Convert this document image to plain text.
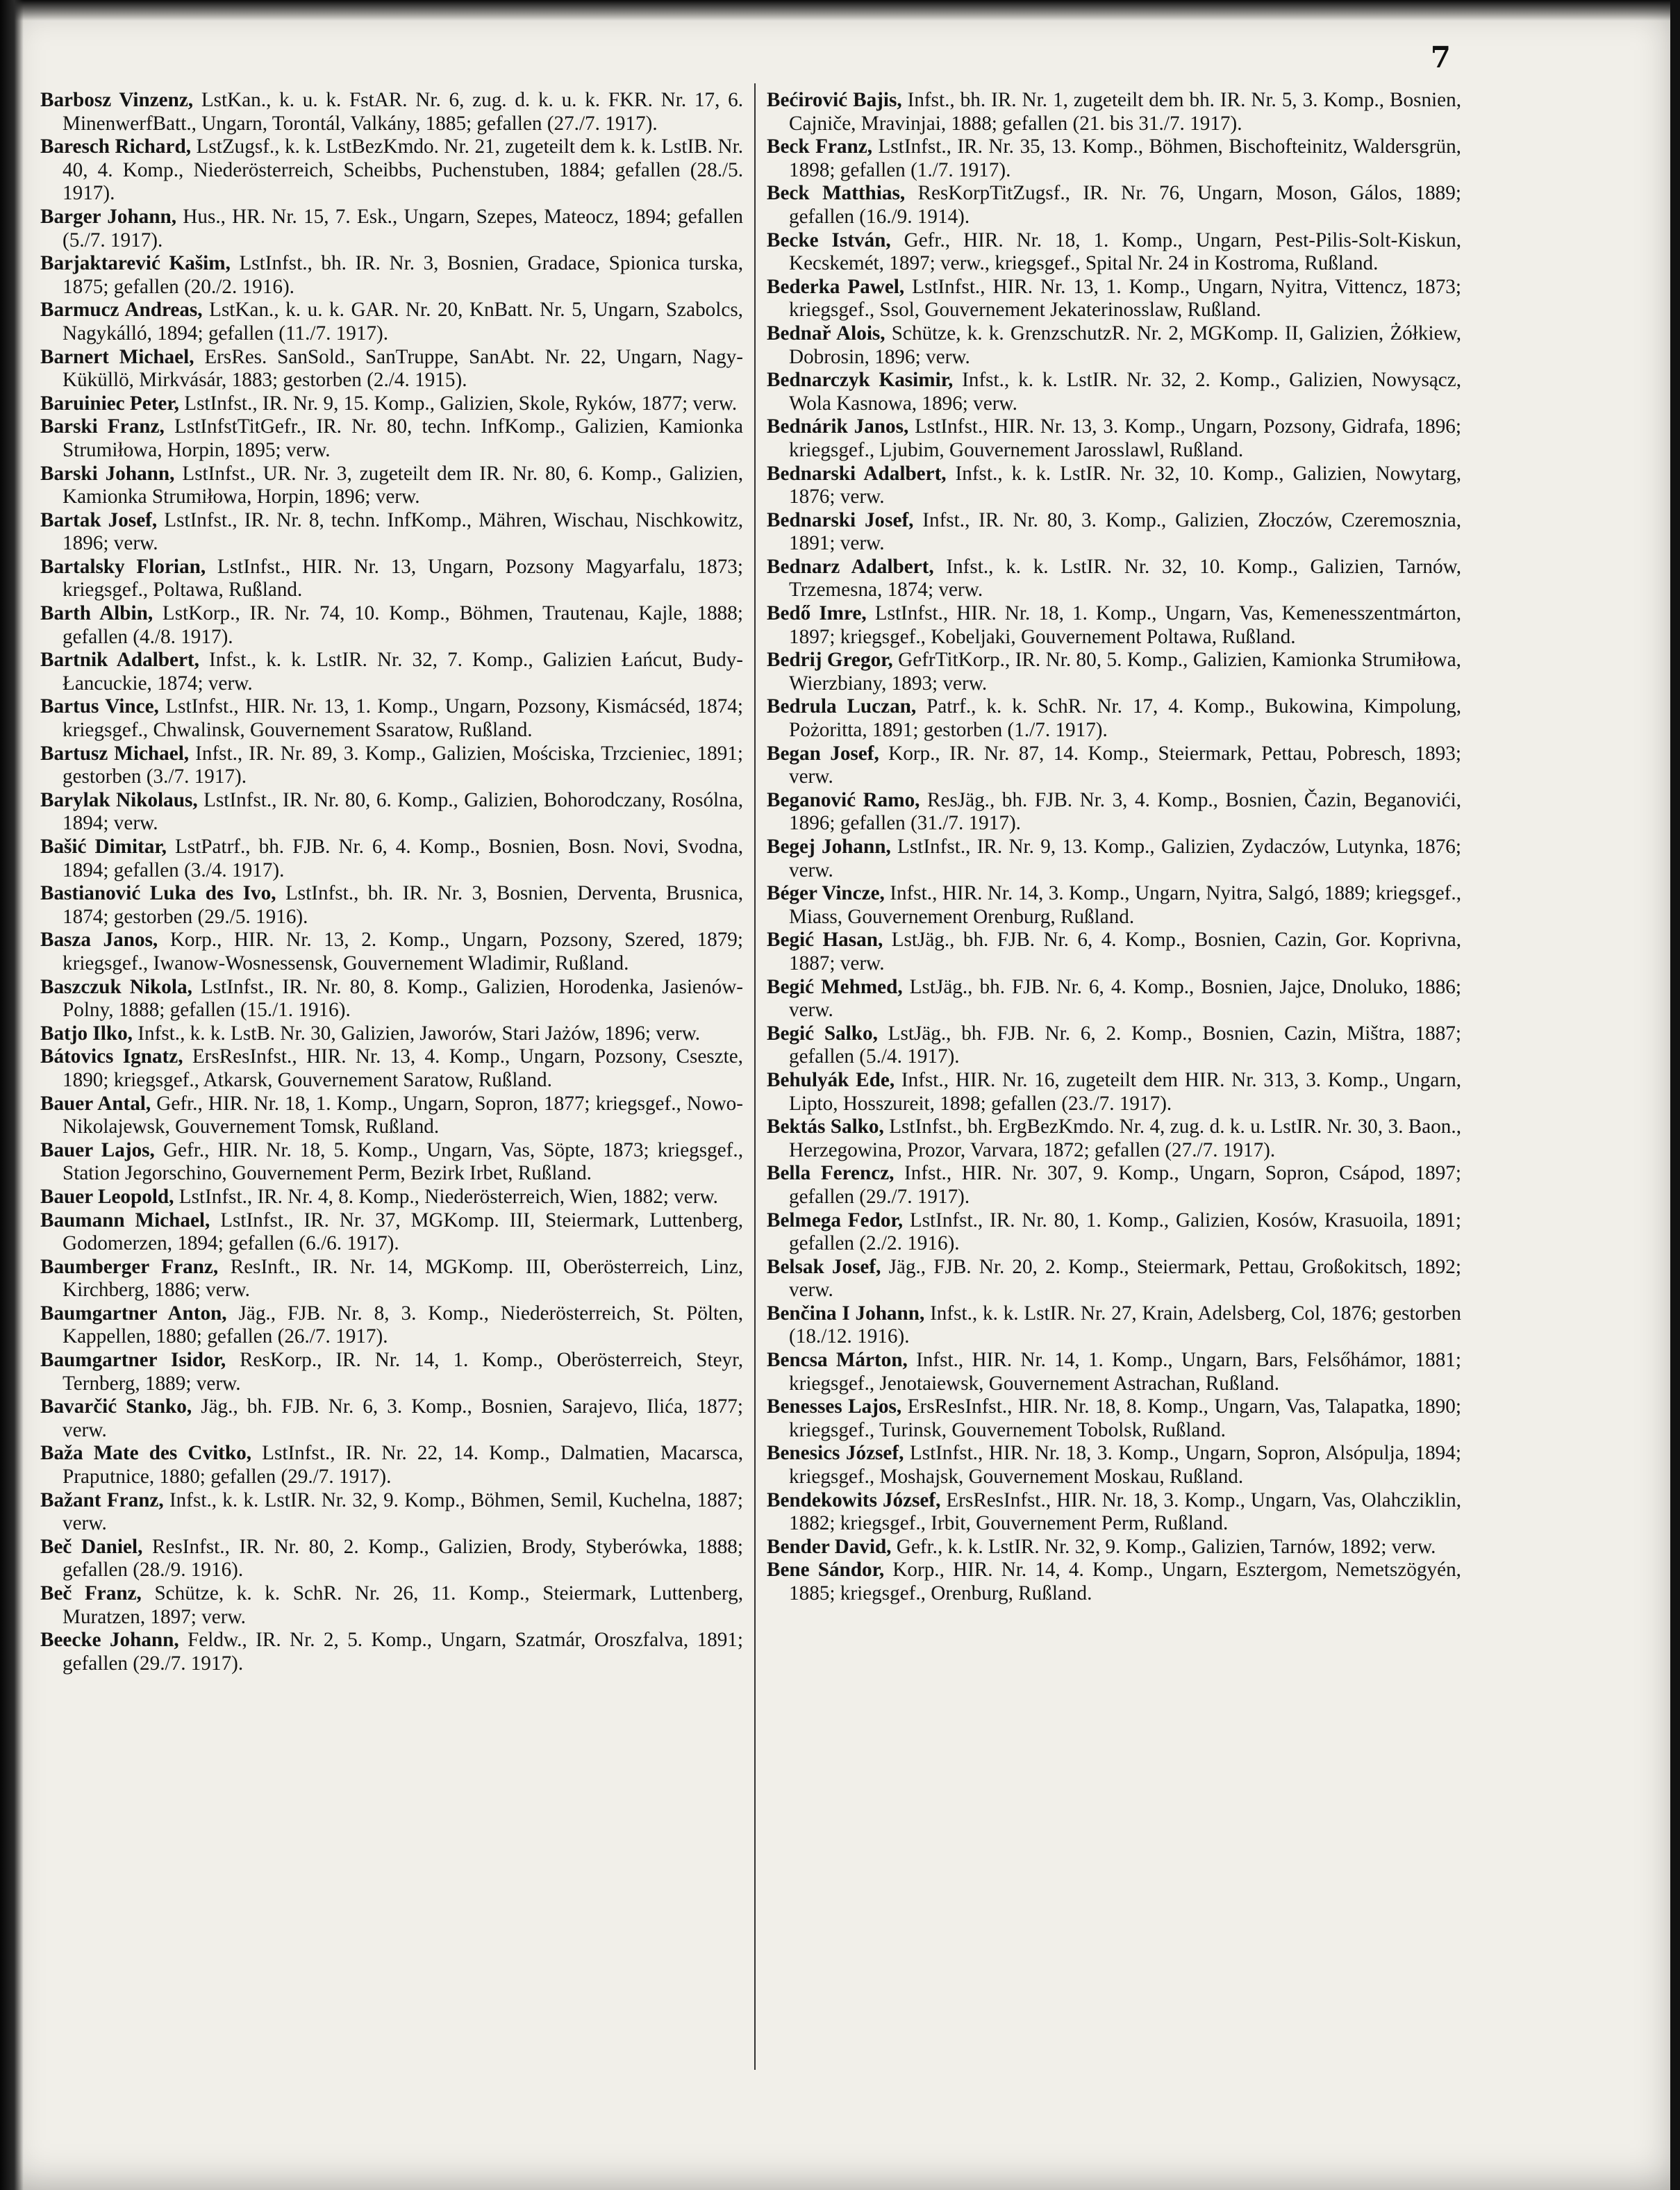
7
Barbosz Vinzenz, LstKan., k. u. k. FstAR. Nr. 6, zug. d. k. u. k. FKR. Nr. 17, 6. MinenwerfBatt., Ungarn, Torontál, Valkány, 1885; gefallen (27./7. 1917).
Baresch Richard, LstZugsf., k. k. LstBezKmdo. Nr. 21, zugeteilt dem k. k. LstIB. Nr. 40, 4. Komp., Niederösterreich, Scheibbs, Puchenstuben, 1884; gefallen (28./5. 1917).
Barger Johann, Hus., HR. Nr. 15, 7. Esk., Ungarn, Szepes, Mateocz, 1894; gefallen (5./7. 1917).
Barjaktarević Kašim, LstInfst., bh. IR. Nr. 3, Bosnien, Gradace, Spionica turska, 1875; gefallen (20./2. 1916).
Barmucz Andreas, LstKan., k. u. k. GAR. Nr. 20, KnBatt. Nr. 5, Ungarn, Szabolcs, Nagykálló, 1894; gefallen (11./7. 1917).
Barnert Michael, ErsRes. SanSold., SanTruppe, SanAbt. Nr. 22, Ungarn, Nagy-Küküllö, Mirkvásár, 1883; gestorben (2./4. 1915).
Baruiniec Peter, LstInfst., IR. Nr. 9, 15. Komp., Galizien, Skole, Ryków, 1877; verw.
Barski Franz, LstInfstTitGefr., IR. Nr. 80, techn. InfKomp., Galizien, Kamionka Strumiłowa, Horpin, 1895; verw.
Barski Johann, LstInfst., UR. Nr. 3, zugeteilt dem IR. Nr. 80, 6. Komp., Galizien, Kamionka Strumiłowa, Horpin, 1896; verw.
Bartak Josef, LstInfst., IR. Nr. 8, techn. InfKomp., Mähren, Wischau, Nischkowitz, 1896; verw.
Bartalsky Florian, LstInfst., HIR. Nr. 13, Ungarn, Pozsony Magyarfalu, 1873; kriegsgef., Poltawa, Rußland.
Barth Albin, LstKorp., IR. Nr. 74, 10. Komp., Böhmen, Trautenau, Kajle, 1888; gefallen (4./8. 1917).
Bartnik Adalbert, Infst., k. k. LstIR. Nr. 32, 7. Komp., Galizien Łańcut, Budy-Łancuckie, 1874; verw.
Bartus Vince, LstInfst., HIR. Nr. 13, 1. Komp., Ungarn, Pozsony, Kismácséd, 1874; kriegsgef., Chwalinsk, Gouvernement Ssaratow, Rußland.
Bartusz Michael, Infst., IR. Nr. 89, 3. Komp., Galizien, Mościska, Trzcieniec, 1891; gestorben (3./7. 1917).
Barylak Nikolaus, LstInfst., IR. Nr. 80, 6. Komp., Galizien, Bohorodczany, Rosólna, 1894; verw.
Bašić Dimitar, LstPatrf., bh. FJB. Nr. 6, 4. Komp., Bosnien, Bosn. Novi, Svodna, 1894; gefallen (3./4. 1917).
Bastianović Luka des Ivo, LstInfst., bh. IR. Nr. 3, Bosnien, Derventa, Brusnica, 1874; gestorben (29./5. 1916).
Basza Janos, Korp., HIR. Nr. 13, 2. Komp., Ungarn, Pozsony, Szered, 1879; kriegsgef., Iwanow-Wosnessensk, Gouvernement Wladimir, Rußland.
Baszczuk Nikola, LstInfst., IR. Nr. 80, 8. Komp., Galizien, Horodenka, Jasienów-Polny, 1888; gefallen (15./1. 1916).
Batjo Ilko, Infst., k. k. LstB. Nr. 30, Galizien, Jaworów, Stari Jażów, 1896; verw.
Bátovics Ignatz, ErsResInfst., HIR. Nr. 13, 4. Komp., Ungarn, Pozsony, Cseszte, 1890; kriegsgef., Atkarsk, Gouvernement Saratow, Rußland.
Bauer Antal, Gefr., HIR. Nr. 18, 1. Komp., Ungarn, Sopron, 1877; kriegsgef., Nowo-Nikolajewsk, Gouvernement Tomsk, Rußland.
Bauer Lajos, Gefr., HIR. Nr. 18, 5. Komp., Ungarn, Vas, Söpte, 1873; kriegsgef., Station Jegorschino, Gouvernement Perm, Bezirk Irbet, Rußland.
Bauer Leopold, LstInfst., IR. Nr. 4, 8. Komp., Niederösterreich, Wien, 1882; verw.
Baumann Michael, LstInfst., IR. Nr. 37, MGKomp. III, Steiermark, Luttenberg, Godomerzen, 1894; gefallen (6./6. 1917).
Baumberger Franz, ResInft., IR. Nr. 14, MGKomp. III, Oberösterreich, Linz, Kirchberg, 1886; verw.
Baumgartner Anton, Jäg., FJB. Nr. 8, 3. Komp., Niederösterreich, St. Pölten, Kappellen, 1880; gefallen (26./7. 1917).
Baumgartner Isidor, ResKorp., IR. Nr. 14, 1. Komp., Oberösterreich, Steyr, Ternberg, 1889; verw.
Bavarčić Stanko, Jäg., bh. FJB. Nr. 6, 3. Komp., Bosnien, Sarajevo, Ilića, 1877; verw.
Baža Mate des Cvitko, LstInfst., IR. Nr. 22, 14. Komp., Dalmatien, Macarsca, Praputnice, 1880; gefallen (29./7. 1917).
Bažant Franz, Infst., k. k. LstIR. Nr. 32, 9. Komp., Böhmen, Semil, Kuchelna, 1887; verw.
Beč Daniel, ResInfst., IR. Nr. 80, 2. Komp., Galizien, Brody, Styberówka, 1888; gefallen (28./9. 1916).
Beč Franz, Schütze, k. k. SchR. Nr. 26, 11. Komp., Steiermark, Luttenberg, Muratzen, 1897; verw.
Beecke Johann, Feldw., IR. Nr. 2, 5. Komp., Ungarn, Szatmár, Oroszfalva, 1891; gefallen (29./7. 1917).
Bećirović Bajis, Infst., bh. IR. Nr. 1, zugeteilt dem bh. IR. Nr. 5, 3. Komp., Bosnien, Cajniče, Mravinjai, 1888; gefallen (21. bis 31./7. 1917).
Beck Franz, LstInfst., IR. Nr. 35, 13. Komp., Böhmen, Bischofteinitz, Waldersgrün, 1898; gefallen (1./7. 1917).
Beck Matthias, ResKorpTitZugsf., IR. Nr. 76, Ungarn, Moson, Gálos, 1889; gefallen (16./9. 1914).
Becke István, Gefr., HIR. Nr. 18, 1. Komp., Ungarn, Pest-Pilis-Solt-Kiskun, Kecskemét, 1897; verw., kriegsgef., Spital Nr. 24 in Kostroma, Rußland.
Bederka Pawel, LstInfst., HIR. Nr. 13, 1. Komp., Ungarn, Nyitra, Vittencz, 1873; kriegsgef., Ssol, Gouvernement Jekaterinosslaw, Rußland.
Bednař Alois, Schütze, k. k. GrenzschutzR. Nr. 2, MGKomp. II, Galizien, Żółkiew, Dobrosin, 1896; verw.
Bednarczyk Kasimir, Infst., k. k. LstIR. Nr. 32, 2. Komp., Galizien, Nowysącz, Wola Kasnowa, 1896; verw.
Bednárik Janos, LstInfst., HIR. Nr. 13, 3. Komp., Ungarn, Pozsony, Gidrafa, 1896; kriegsgef., Ljubim, Gouvernement Jarosslawl, Rußland.
Bednarski Adalbert, Infst., k. k. LstIR. Nr. 32, 10. Komp., Galizien, Nowytarg, 1876; verw.
Bednarski Josef, Infst., IR. Nr. 80, 3. Komp., Galizien, Złoczów, Czeremosznia, 1891; verw.
Bednarz Adalbert, Infst., k. k. LstIR. Nr. 32, 10. Komp., Galizien, Tarnów, Trzemesna, 1874; verw.
Bedő Imre, LstInfst., HIR. Nr. 18, 1. Komp., Ungarn, Vas, Kemenesszentmárton, 1897; kriegsgef., Kobeljaki, Gouvernement Poltawa, Rußland.
Bedrij Gregor, GefrTitKorp., IR. Nr. 80, 5. Komp., Galizien, Kamionka Strumiłowa, Wierzbiany, 1893; verw.
Bedrula Luczan, Patrf., k. k. SchR. Nr. 17, 4. Komp., Bukowina, Kimpolung, Pożoritta, 1891; gestorben (1./7. 1917).
Began Josef, Korp., IR. Nr. 87, 14. Komp., Steiermark, Pettau, Pobresch, 1893; verw.
Beganović Ramo, ResJäg., bh. FJB. Nr. 3, 4. Komp., Bosnien, Čazin, Beganovići, 1896; gefallen (31./7. 1917).
Begej Johann, LstInfst., IR. Nr. 9, 13. Komp., Galizien, Zydaczów, Lutynka, 1876; verw.
Béger Vincze, Infst., HIR. Nr. 14, 3. Komp., Ungarn, Nyitra, Salgó, 1889; kriegsgef., Miass, Gouvernement Orenburg, Rußland.
Begić Hasan, LstJäg., bh. FJB. Nr. 6, 4. Komp., Bosnien, Cazin, Gor. Koprivna, 1887; verw.
Begić Mehmed, LstJäg., bh. FJB. Nr. 6, 4. Komp., Bosnien, Jajce, Dnoluko, 1886; verw.
Begić Salko, LstJäg., bh. FJB. Nr. 6, 2. Komp., Bosnien, Cazin, Mištra, 1887; gefallen (5./4. 1917).
Behulyák Ede, Infst., HIR. Nr. 16, zugeteilt dem HIR. Nr. 313, 3. Komp., Ungarn, Lipto, Hosszureit, 1898; gefallen (23./7. 1917).
Bektás Salko, LstInfst., bh. ErgBezKmdo. Nr. 4, zug. d. k. u. LstIR. Nr. 30, 3. Baon., Herzegowina, Prozor, Varvara, 1872; gefallen (27./7. 1917).
Bella Ferencz, Infst., HIR. Nr. 307, 9. Komp., Ungarn, Sopron, Csápod, 1897; gefallen (29./7. 1917).
Belmega Fedor, LstInfst., IR. Nr. 80, 1. Komp., Galizien, Kosów, Krasuoila, 1891; gefallen (2./2. 1916).
Belsak Josef, Jäg., FJB. Nr. 20, 2. Komp., Steiermark, Pettau, Großokitsch, 1892; verw.
Benčina I Johann, Infst., k. k. LstIR. Nr. 27, Krain, Adelsberg, Col, 1876; gestorben (18./12. 1916).
Bencsa Márton, Infst., HIR. Nr. 14, 1. Komp., Ungarn, Bars, Felsőhámor, 1881; kriegsgef., Jenotaiewsk, Gouvernement Astrachan, Rußland.
Benesses Lajos, ErsResInfst., HIR. Nr. 18, 8. Komp., Ungarn, Vas, Talapatka, 1890; kriegsgef., Turinsk, Gouvernement Tobolsk, Rußland.
Benesics József, LstInfst., HIR. Nr. 18, 3. Komp., Ungarn, Sopron, Alsópulja, 1894; kriegsgef., Moshajsk, Gouvernement Moskau, Rußland.
Bendekowits József, ErsResInfst., HIR. Nr. 18, 3. Komp., Ungarn, Vas, Olahcziklin, 1882; kriegsgef., Irbit, Gouvernement Perm, Rußland.
Bender David, Gefr., k. k. LstIR. Nr. 32, 9. Komp., Galizien, Tarnów, 1892; verw.
Bene Sándor, Korp., HIR. Nr. 14, 4. Komp., Ungarn, Esztergom, Nemetszögyén, 1885; kriegsgef., Orenburg, Rußland.
